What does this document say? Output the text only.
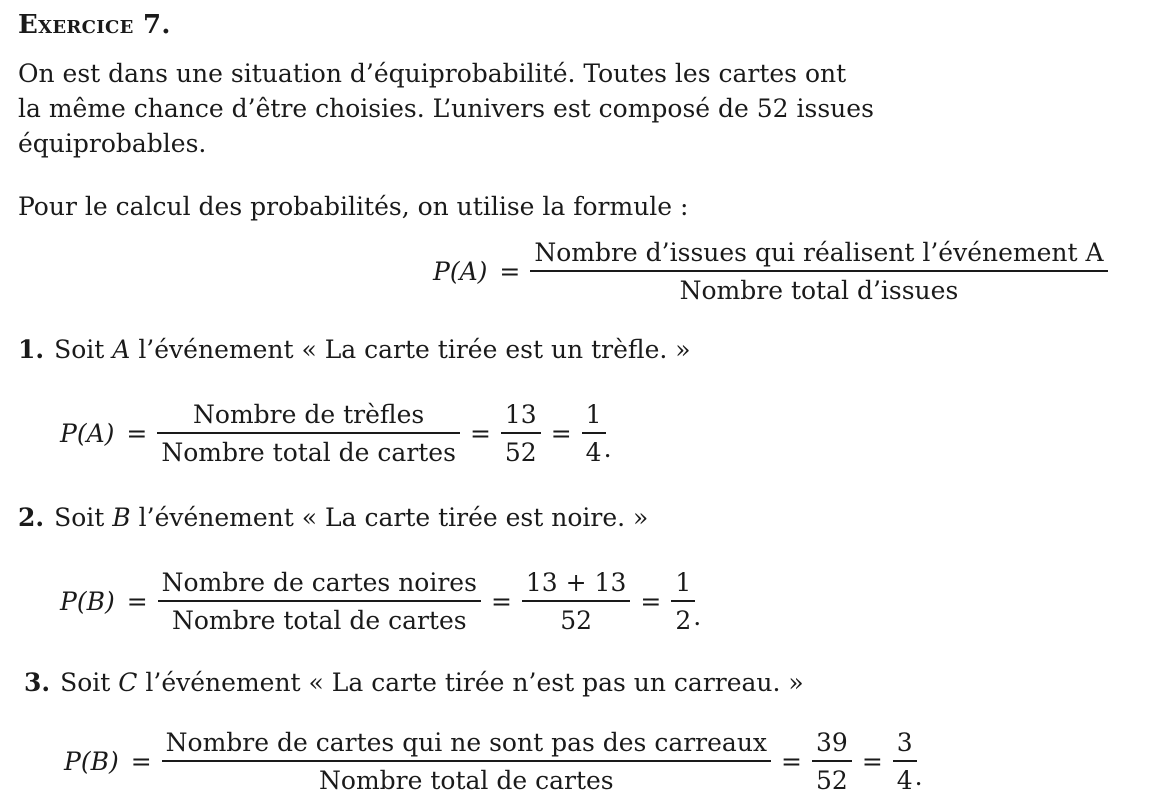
Exercice 7.
On est dans une situation d’équiprobabilité. Toutes les cartes ont
la même chance d’être choisies. L’univers est composé de 52 issues
équiprobables.
Pour le calcul des probabilités, on utilise la formule :
$P(A) = \frac{\text{Nombre d’issues qui réalisent l’événement A}}{\text{Nombre total d’issues}}$
1. Soit A l’événement « La carte tirée est un trèfle. »
$P(A) = \frac{\text{Nombre de trèfles}}{\text{Nombre total de cartes}} = \frac{13}{52} = \frac{1}{4}$ .
2. Soit B l’événement « La carte tirée est noire. »
$P(B) = \frac{\text{Nombre de cartes noires}}{\text{Nombre total de cartes}} = \frac{13 + 13}{52} = \frac{1}{2}$ .
3. Soit C l’événement « La carte tirée n’est pas un carreau. »
$P(B) = \frac{\text{Nombre de cartes qui ne sont pas des carreaux}}{\text{Nombre total de cartes}} = \frac{39}{52} = \frac{3}{4}$ .
